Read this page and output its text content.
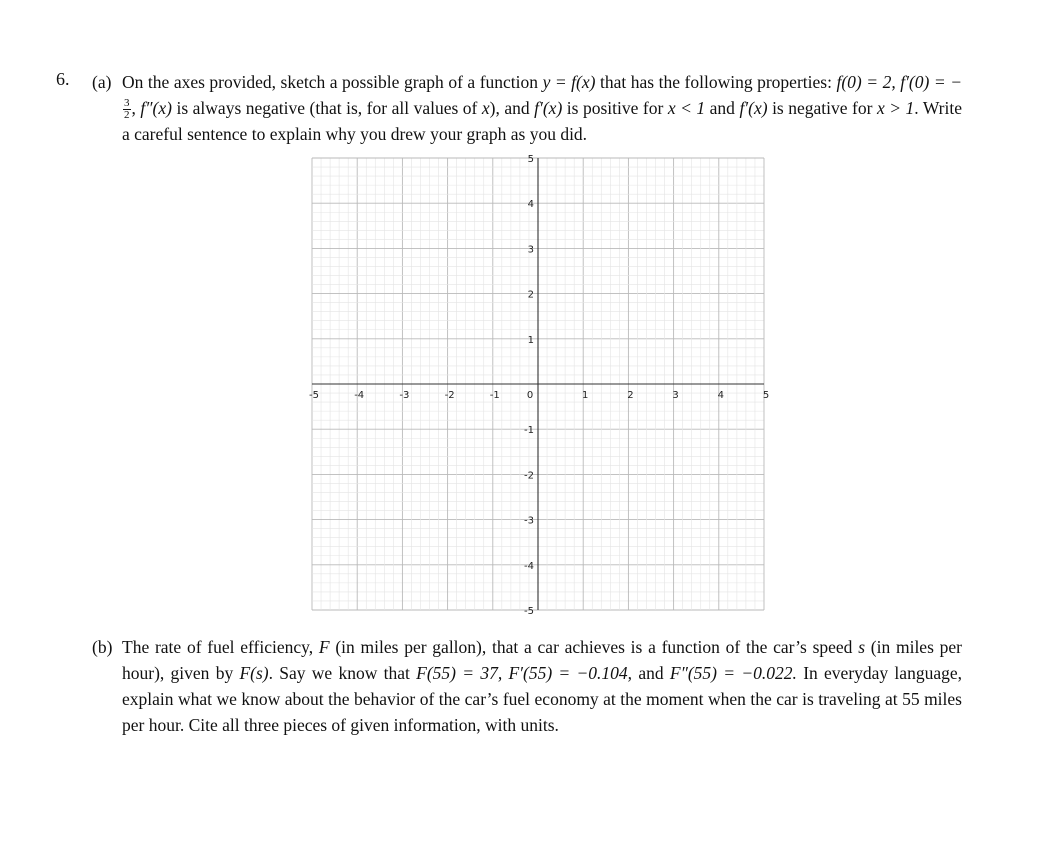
6. (a) On the axes provided, sketch a possible graph of a function y = f(x) that has the following properties: f(0) = 2, f′(0) = −
$\frac{3}{2}$ , f″(x) is always negative (that is, for all values of x), and f′(x) is positive for x < 1 and f′(x) is negative for x > 1. Write a careful sentence to explain why you drew your graph as you did.
-5	-4	-3	-2	-1	0	1	2	3	4	5
5
4
3
2
1
-1
-2
-3
-4
-5
(b) The rate of fuel efficiency, F (in miles per gallon), that a car achieves is a function of the car’s speed s (in miles per hour), given by F(s). Say we know that F(55) = 37, F′(55) = −0.104, and F″(55) = −0.022. In everyday language, explain what we know about the behavior of the car’s fuel economy at the moment when the car is traveling at 55 miles per hour. Cite all three pieces of given information, with units.
